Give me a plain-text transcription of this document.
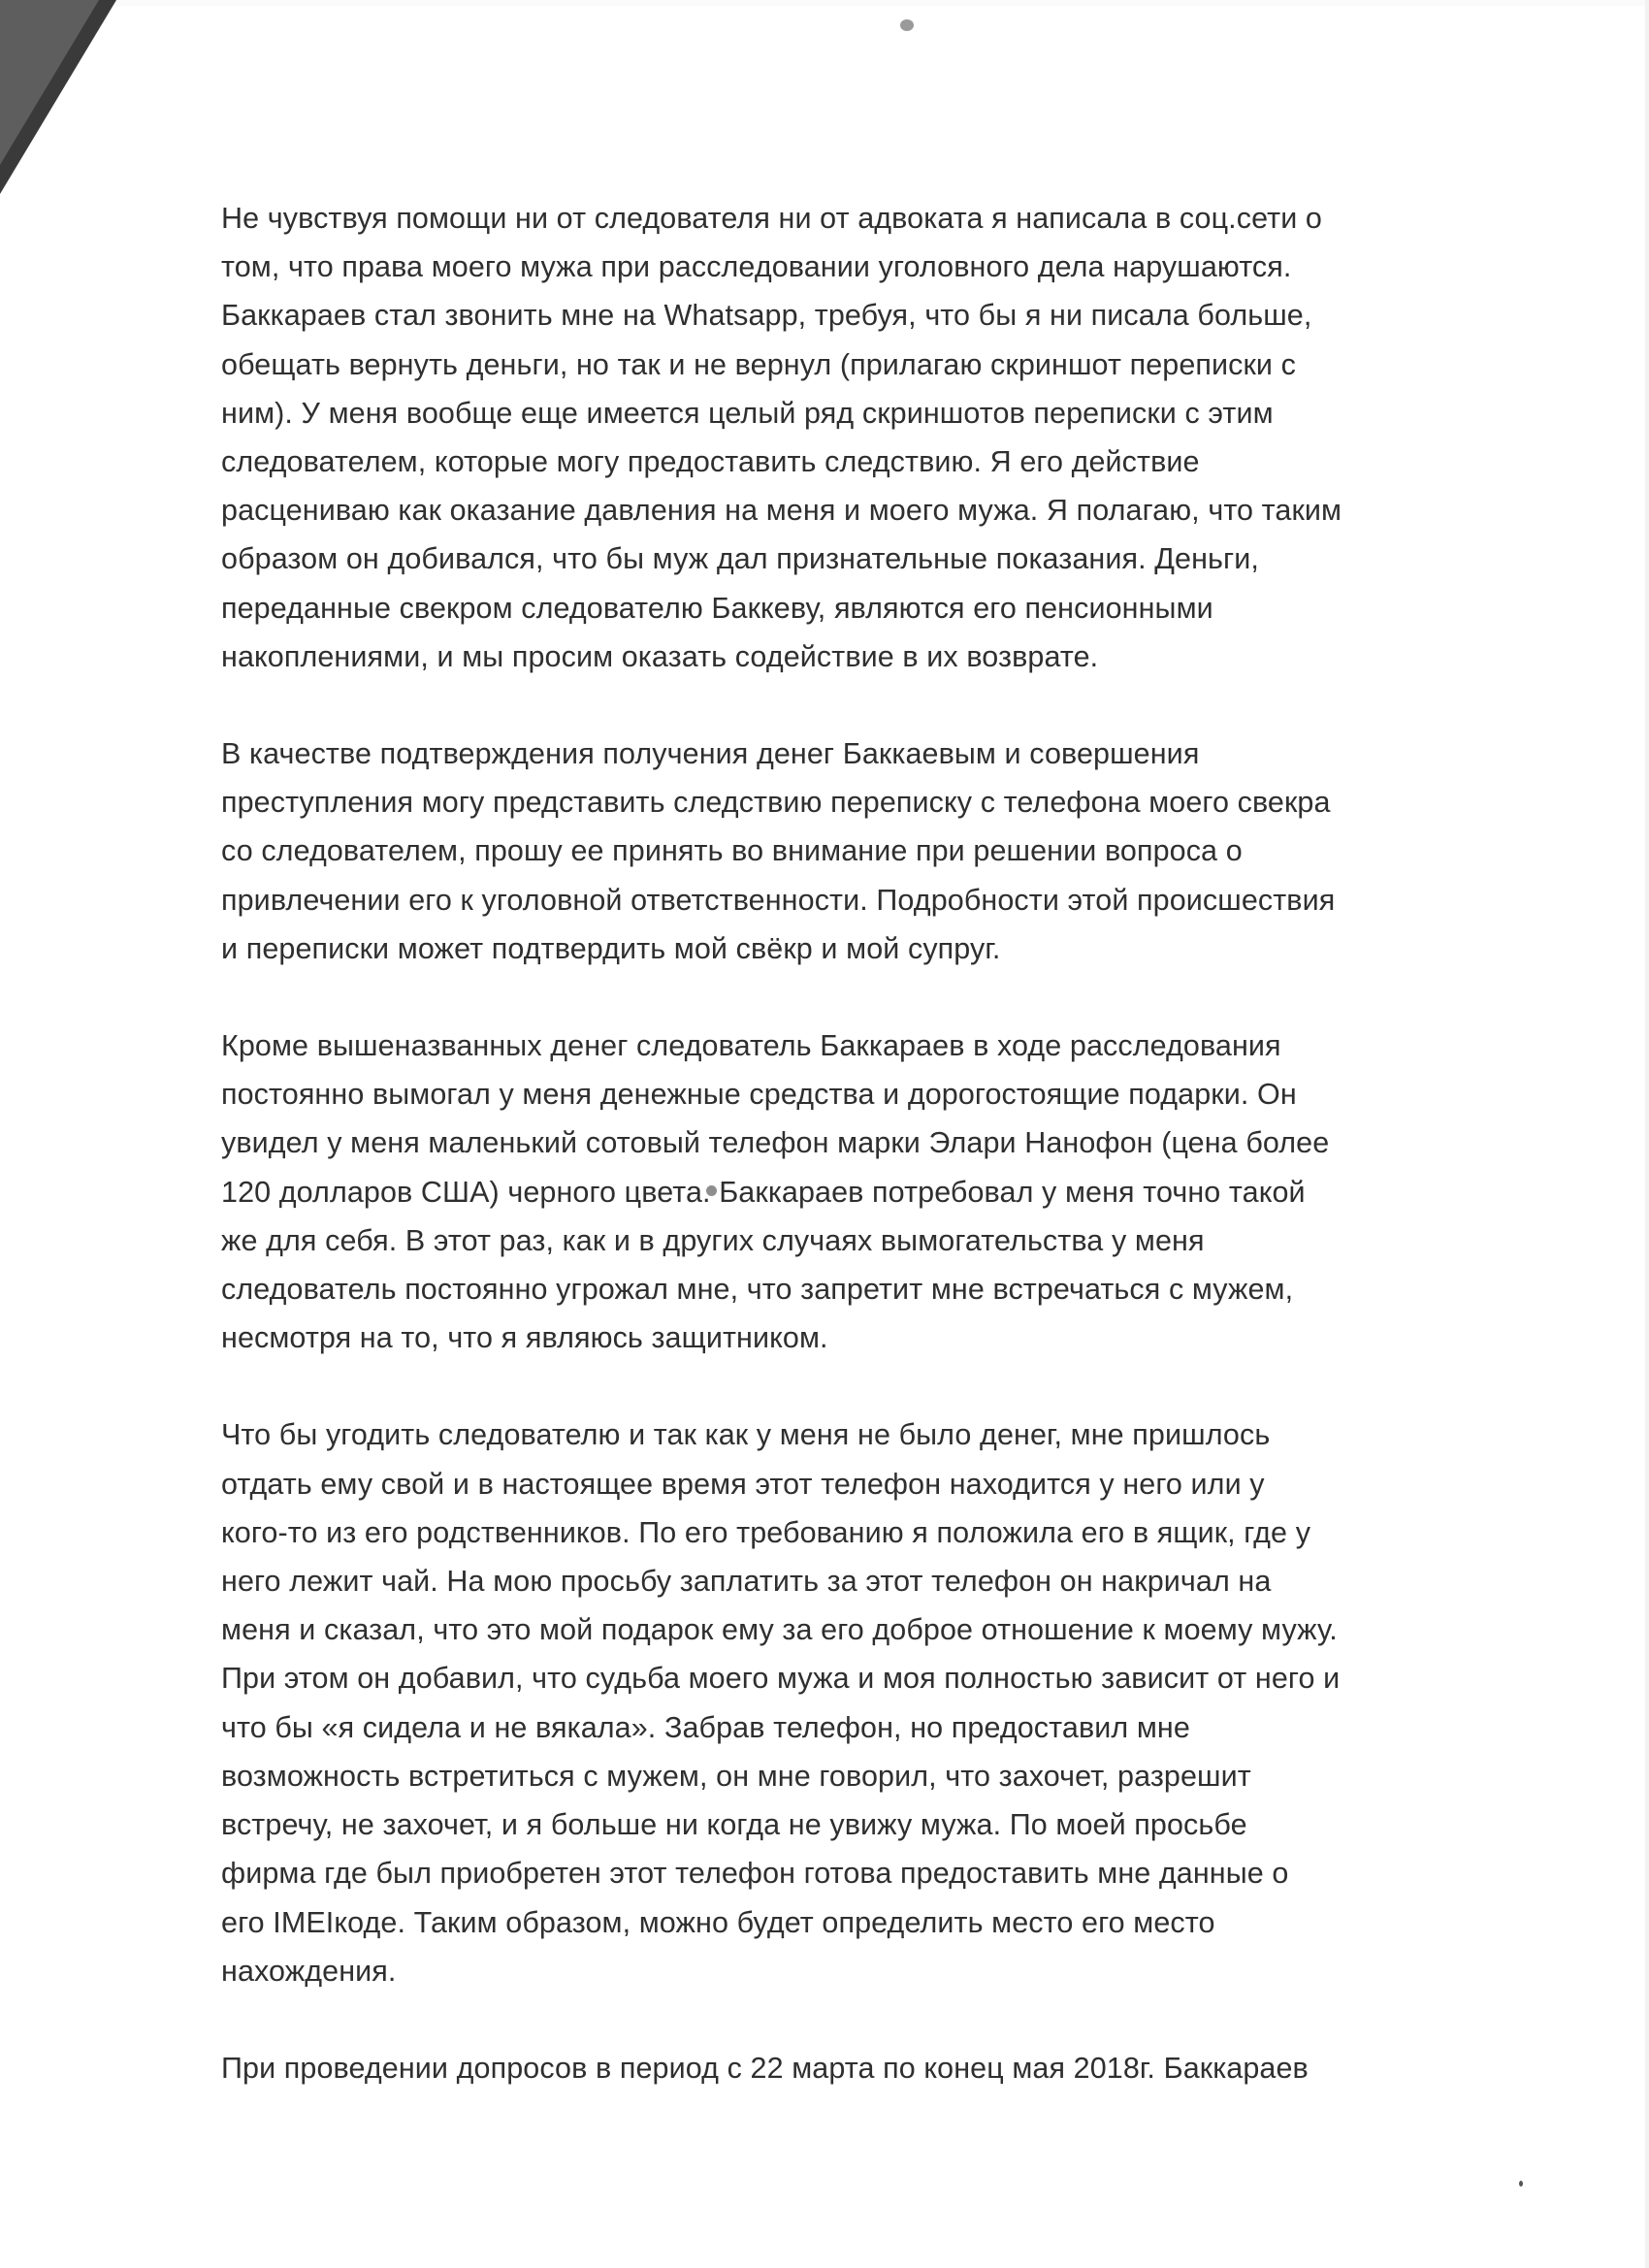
Не чувствуя помощи ни от следователя ни от адвоката я написала в соц.сети о
том, что права моего мужа при расследовании уголовного дела нарушаются.
Баккараев стал звонить мне на Whatsapp, требуя, что бы я ни писала больше,
обещать вернуть деньги, но так и не вернул (прилагаю скриншот переписки с
ним). У меня вообще еще имеется целый ряд скриншотов переписки с этим
следователем, которые могу предоставить следствию. Я его действие
расцениваю как оказание давления на меня и моего мужа. Я полагаю, что таким
образом он добивался, что бы муж дал признательные показания. Деньги,
переданные свекром следователю Баккеву, являются его пенсионными
накоплениями, и мы просим оказать содействие в их возврате.

В качестве подтверждения получения денег Баккаевым и совершения
преступления могу представить следствию переписку с телефона моего свекра
со следователем, прошу ее принять во внимание при решении вопроса о
привлечении его к уголовной ответственности. Подробности этой происшествия
и переписки может подтвердить мой свёкр и мой супруг.

Кроме вышеназванных денег следователь Баккараев в ходе расследования
постоянно вымогал у меня денежные средства и дорогостоящие подарки. Он
увидел у меня маленький сотовый телефон марки Элари Нанофон (цена более
120 долларов США) черного цвета. Баккараев потребовал у меня точно такой
же для себя. В этот раз, как и в других случаях вымогательства у меня
следователь постоянно угрожал мне, что запретит мне встречаться с мужем,
несмотря на то, что я являюсь защитником.

Что бы угодить следователю и так как у меня не было денег, мне пришлось
отдать ему свой и в настоящее время этот телефон находится у него или у
кого-то из его родственников. По его требованию я положила его в ящик, где у
него лежит чай. На мою просьбу заплатить за этот телефон он накричал на
меня и сказал, что это мой подарок ему за его доброе отношение к моему мужу.
При этом он добавил, что судьба моего мужа и моя полностью зависит от него и
что бы «я сидела и не вякала». Забрав телефон, но предоставил мне
возможность встретиться с мужем, он мне говорил, что захочет, разрешит
встречу, не захочет, и я больше ни когда не увижу мужа. По моей просьбе
фирма где был приобретен этот телефон готова предоставить мне данные о
его IMEIкоде. Таким образом, можно будет определить место его место
нахождения.

При проведении допросов в период с 22 марта по конец мая 2018г. Баккараев
